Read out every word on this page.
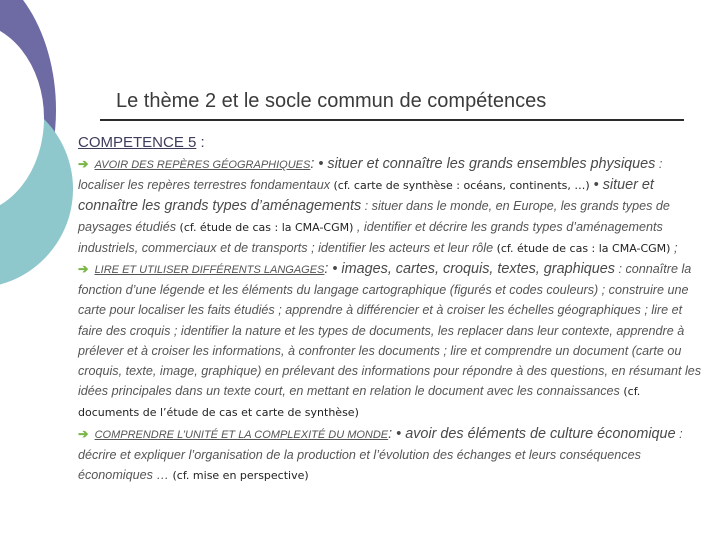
Le thème 2 et le socle commun de compétences

COMPETENCE 5 :

➔ AVOIR DES REPÈRES GÉOGRAPHIQUES: • situer et connaître les grands ensembles physiques : localiser les repères terrestres fondamentaux (cf. carte de synthèse : océans, continents, …) • situer et connaître les grands types d’aménagements : situer dans le monde, en Europe, les grands types de paysages étudiés (cf. étude de cas : la CMA-CGM) , identifier et décrire les grands types d’aménagements industriels, commerciaux et de transports ; identifier les acteurs et leur rôle (cf. étude de cas : la CMA-CGM) ;

➔ LIRE ET UTILISER DIFFÉRENTS LANGAGES: • images, cartes, croquis, textes, graphiques : connaître la fonction d’une légende et les éléments du langage cartographique (figurés et codes couleurs) ; construire une carte pour localiser les faits étudiés ; apprendre à différencier et à croiser les échelles géographiques ; lire et faire des croquis ; identifier la nature et les types de documents, les replacer dans leur contexte, apprendre à prélever et à croiser les informations, à confronter les documents ; lire et comprendre un document (carte ou croquis, texte, image, graphique) en prélevant des informations pour répondre à des questions, en résumant les idées principales dans un texte court, en mettant en relation le document avec les connaissances (cf. documents de l’étude de cas et carte de synthèse)

➔ COMPRENDRE L’UNITÉ ET LA COMPLEXITÉ DU MONDE: • avoir des éléments de culture économique : décrire et expliquer l’organisation de la production et l’évolution des échanges et leurs conséquences économiques … (cf. mise en perspective)
